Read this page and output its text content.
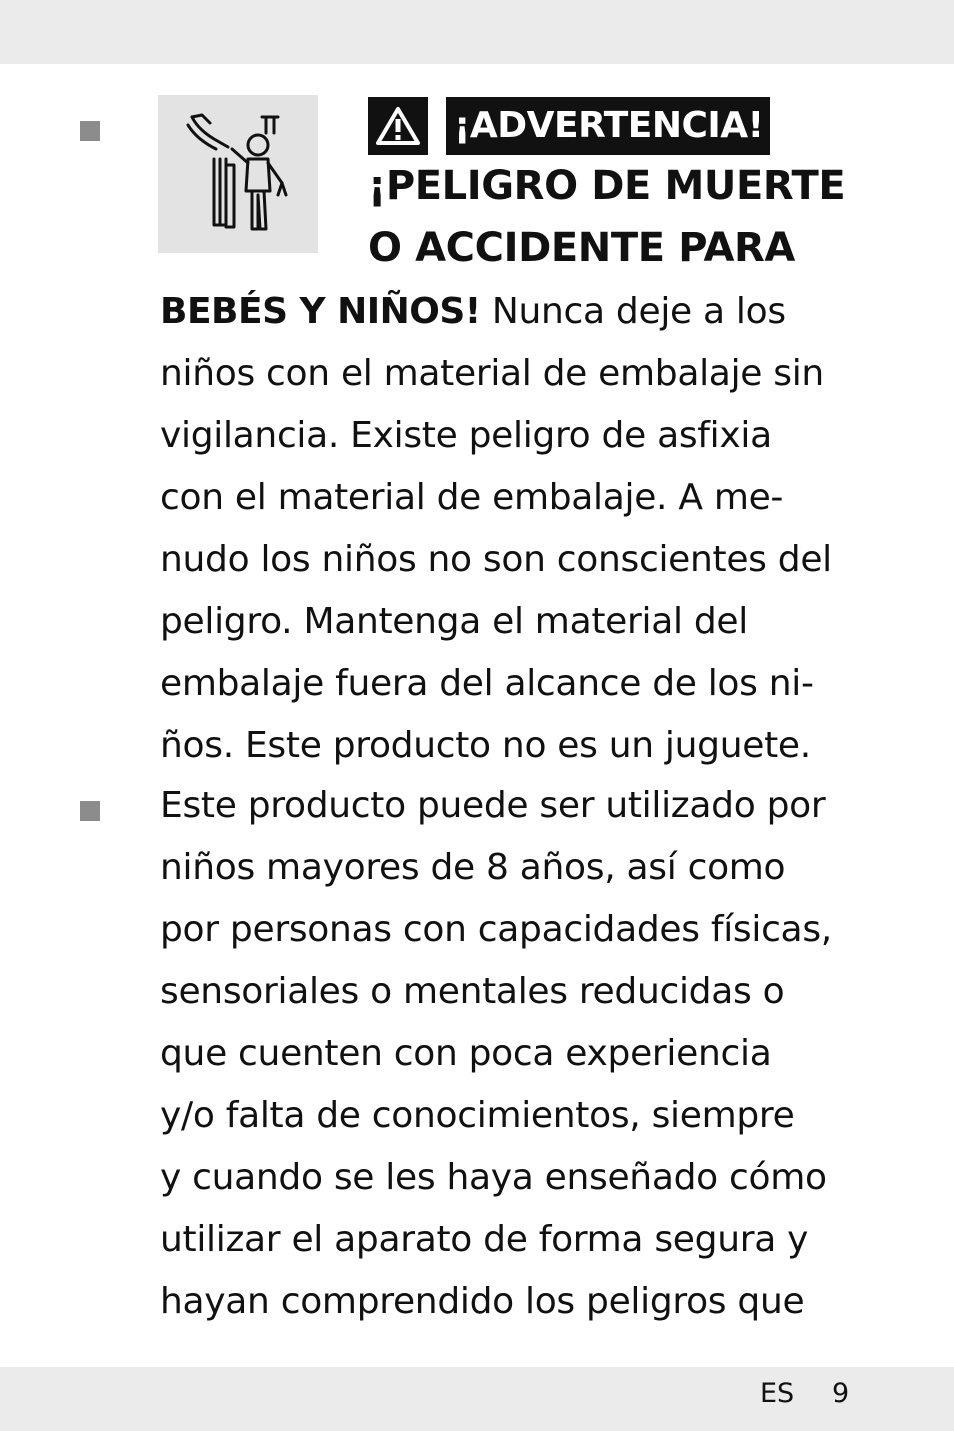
¡ADVERTENCIA!
¡PELIGRO DE MUERTE
O ACCIDENTE PARA
BEBÉS Y NIÑOS! Nunca deje a los
niños con el material de embalaje sin
vigilancia. Existe peligro de asfixia
con el material de embalaje. A me-
nudo los niños no son conscientes del
peligro. Mantenga el material del
embalaje fuera del alcance de los ni-
ños. Este producto no es un juguete.
Este producto puede ser utilizado por
niños mayores de 8 años, así como
por personas con capacidades físicas,
sensoriales o mentales reducidas o
que cuenten con poca experiencia
y/o falta de conocimientos, siempre
y cuando se les haya enseñado cómo
utilizar el aparato de forma segura y
hayan comprendido los peligros que
ES 9
